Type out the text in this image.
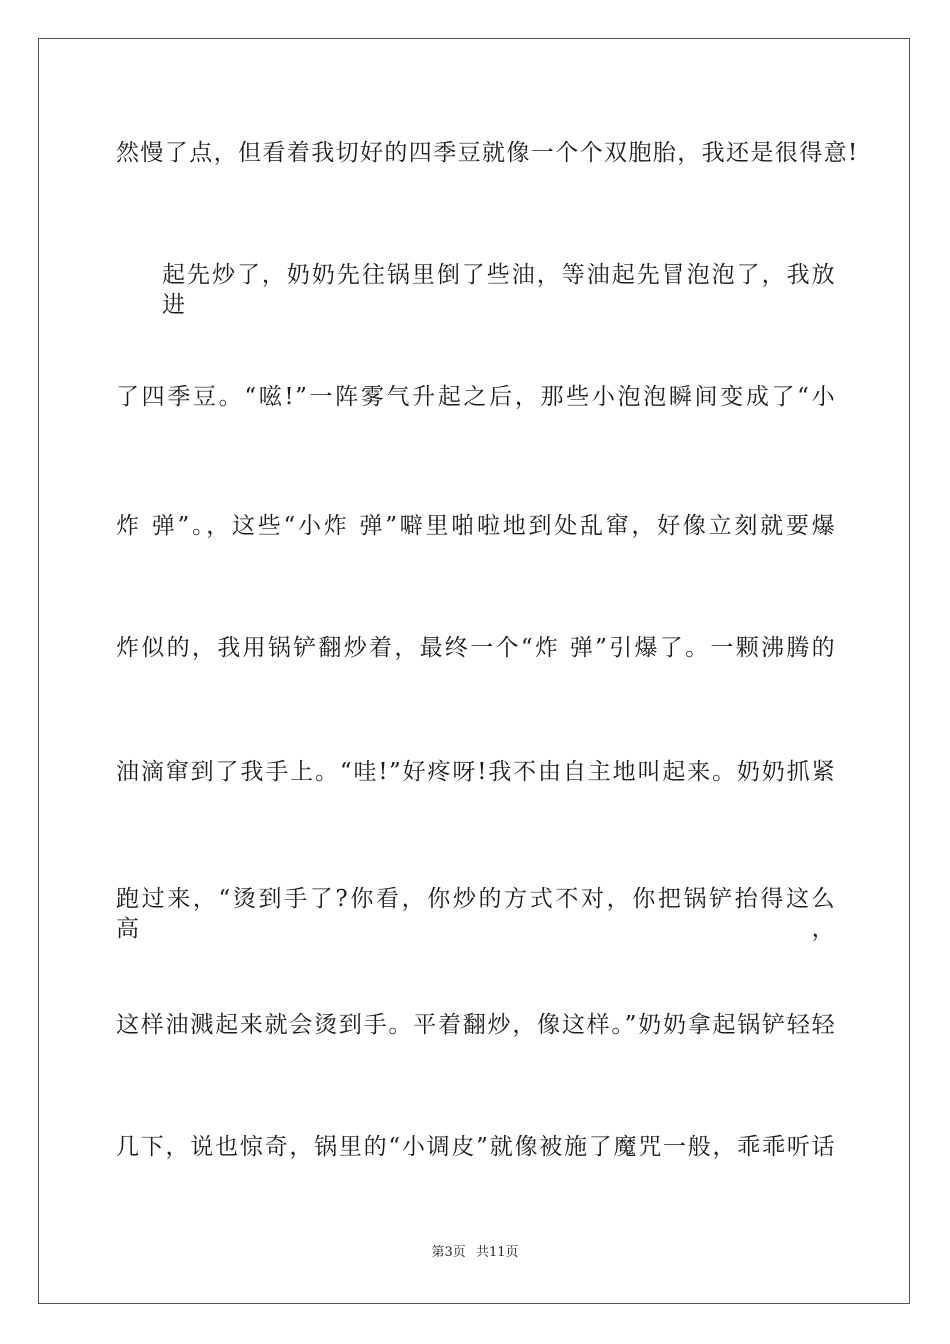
然慢了点，但看着我切好的四季豆就像一个个双胞胎，我还是很得意!
起先炒了，奶奶先往锅里倒了些油，等油起先冒泡泡了，我放进
了四季豆。“嗞!”一阵雾气升起之后，那些小泡泡瞬间变成了“小
炸 弹”。，这些“小炸 弹”噼里啪啦地到处乱窜，好像立刻就要爆
炸似的，我用锅铲翻炒着，最终一个“炸 弹”引爆了。一颗沸腾的
油滴窜到了我手上。“哇!”好疼呀!我不由自主地叫起来。奶奶抓紧
跑过来，“烫到手了?你看，你炒的方式不对，你把锅铲抬得这么高，
这样油溅起来就会烫到手。平着翻炒，像这样。”奶奶拿起锅铲轻轻
几下，说也惊奇，锅里的“小调皮”就像被施了魔咒一般，乖乖听话
第3页 共11页
